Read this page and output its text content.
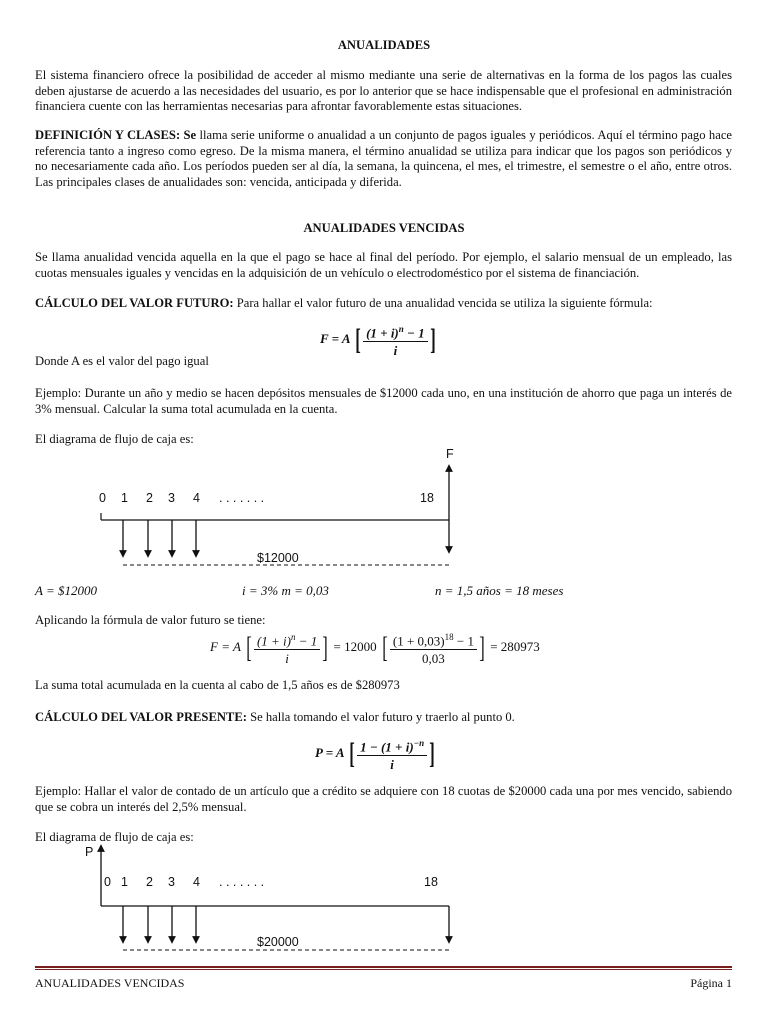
ANUALIDADES

El sistema financiero ofrece la posibilidad de acceder al mismo mediante una serie de alternativas en la forma de los pagos las cuales deben ajustarse de acuerdo a las necesidades del usuario, es por lo anterior que se hace indispensable que el profesional en administración financiera cuente con las herramientas necesarias para afrontar favorablemente estas situaciones.

DEFINICIÓN Y CLASES: Se llama serie uniforme o anualidad a un conjunto de pagos iguales y periódicos. Aquí el término pago hace referencia tanto a ingreso como egreso. De la misma manera, el término anualidad se utiliza para indicar que los pagos son periódicos y no necesariamente cada año. Los períodos pueden ser al día, la semana, la quincena, el mes, el trimestre, el semestre o el año, entre otros. Las principales clases de anualidades son: vencida, anticipada y diferida.

ANUALIDADES VENCIDAS

Se llama anualidad vencida aquella en la que el pago se hace al final del período. Por ejemplo, el salario mensual de un empleado, las cuotas mensuales iguales y vencidas en la adquisición de un vehículo o electrodoméstico por el sistema de financiación.

CÁLCULO DEL VALOR FUTURO: Para hallar el valor futuro de una anualidad vencida se utiliza la siguiente fórmula:

F = A [ $\frac{(1 + i)^n - 1}{i}$ ]

Donde A es el valor del pago igual

Ejemplo: Durante un año y medio se hacen depósitos mensuales de $12000 cada uno, en una institución de ahorro que paga un interés de 3% mensual. Calcular la suma total acumulada en la cuenta.

El diagrama de flujo de caja es:

F
0 1 2 3 4 . . . . . . .	18
$12000
A = $12000	i = 3% m = 0,03	n = 1,5 años = 18 meses

Aplicando la fórmula de valor futuro se tiene:

F = A [ $\frac{(1 + i)^n - 1}{i}$ ] = 12000 [ $\frac{(1 + 0,03)^{18} - 1}{0,03}$ ] = 280973

La suma total acumulada en la cuenta al cabo de 1,5 años es de $280973

CÁLCULO DEL VALOR PRESENTE: Se halla tomando el valor futuro y traerlo al punto 0.

P = A [ $\frac{1 - (1 + i)^{-n}}{i}$ ]

Ejemplo: Hallar el valor de contado de un artículo que a crédito se adquiere con 18 cuotas de $20000 cada una por mes vencido, sabiendo que se cobra un interés del 2,5% mensual.

El diagrama de flujo de caja es:

P
0 1 2 3 4 . . . . . . .	18
$20000
ANUALIDADES VENCIDAS	Página 1
